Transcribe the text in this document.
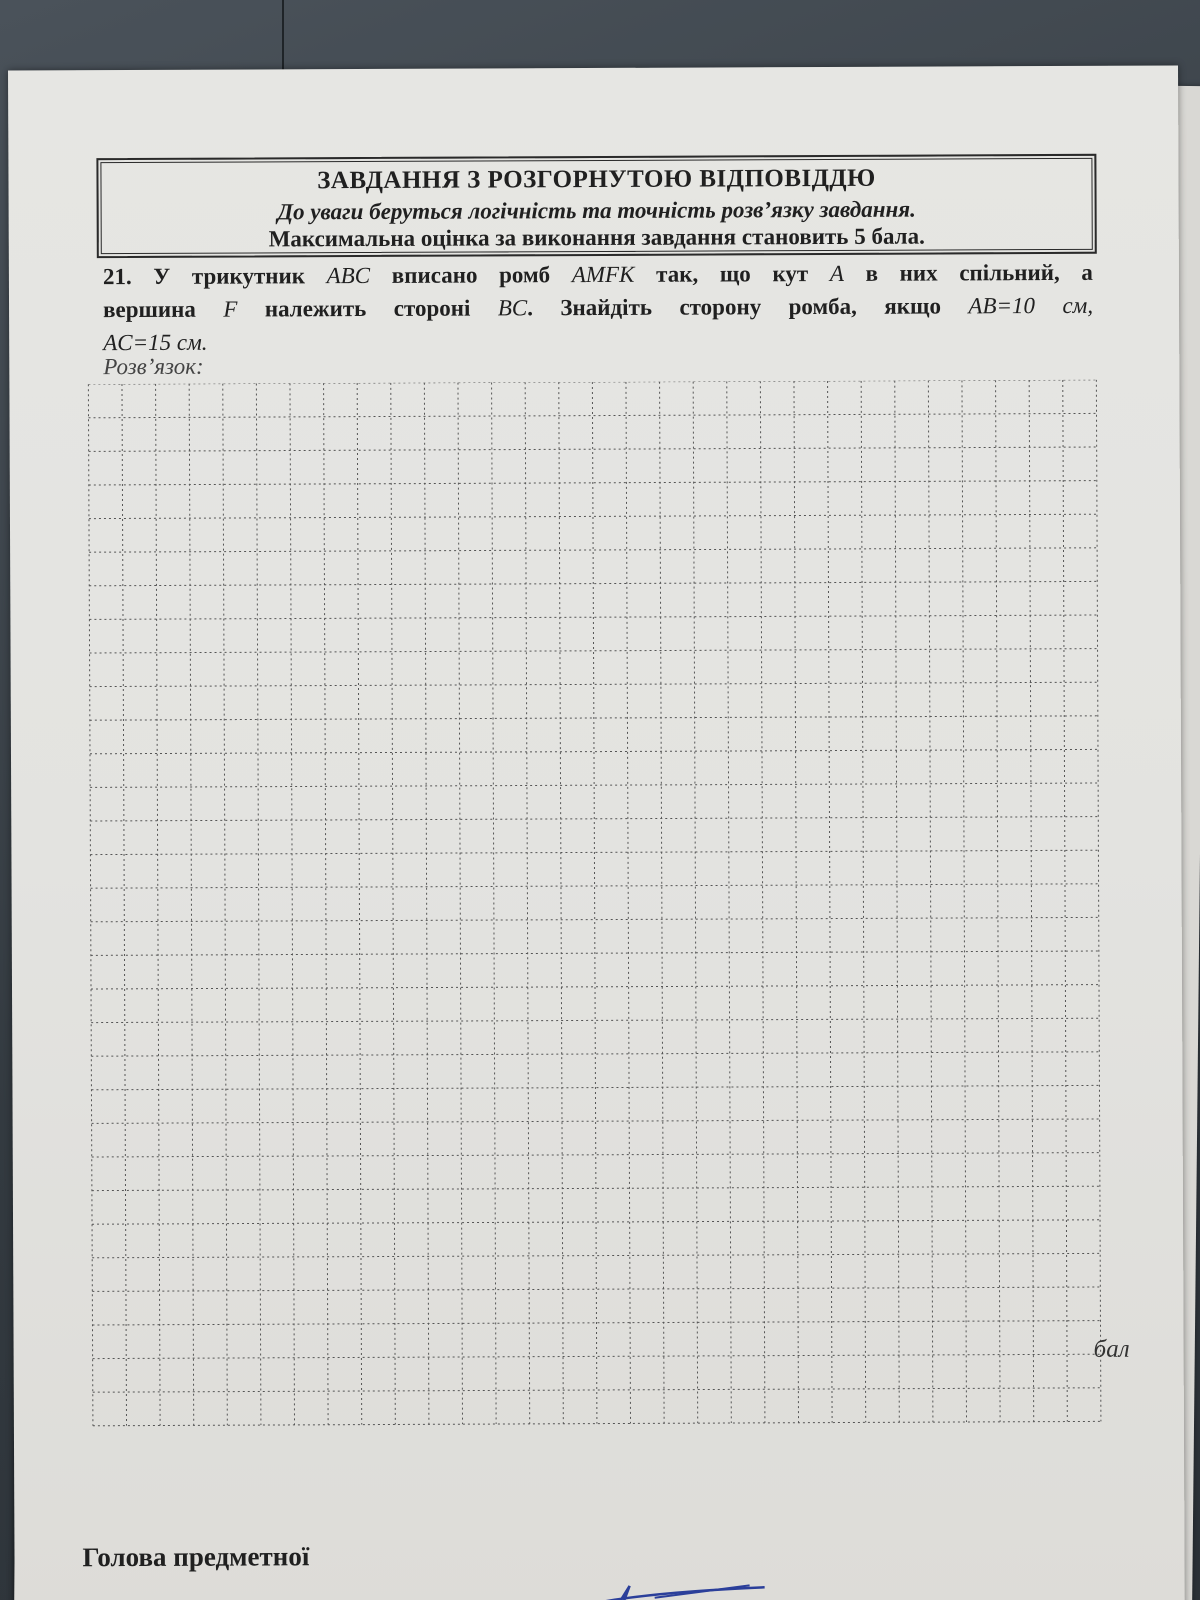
ЗАВДАННЯ З РОЗГОРНУТОЮ ВІДПОВІДДЮ
До уваги беруться логічність та точність розв’язку завдання.
Максимальна оцінка за виконання завдання становить 5 бала.
21. У трикутник ABC вписано ромб AMFK так, що кут A в них спільний, а
вершина F належить стороні BC. Знайдіть сторону ромба, якщо AB=10 см,
AC=15 см.
Розв’язок:
бал
Голова предметної
